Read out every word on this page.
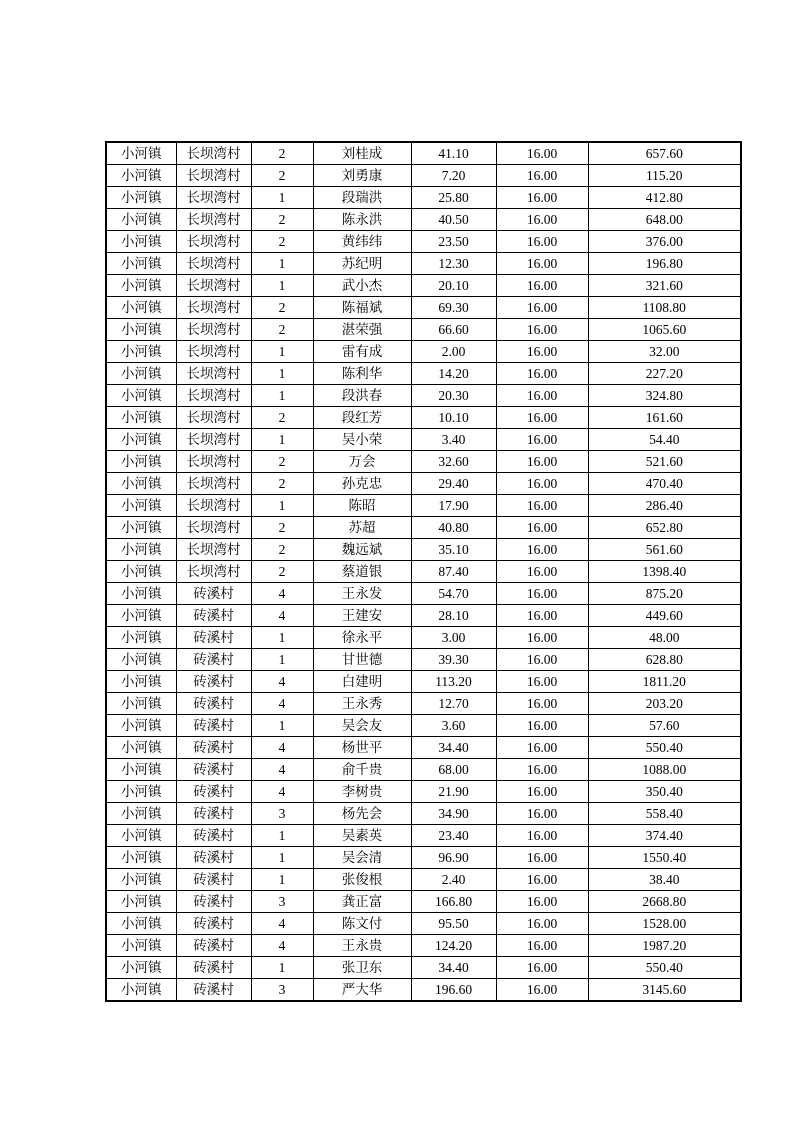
小河镇	长坝湾村	2	刘桂成	41.10	16.00	657.60
小河镇	长坝湾村	2	刘勇康	7.20	16.00	115.20
小河镇	长坝湾村	1	段瑞洪	25.80	16.00	412.80
小河镇	长坝湾村	2	陈永洪	40.50	16.00	648.00
小河镇	长坝湾村	2	黄纬纬	23.50	16.00	376.00
小河镇	长坝湾村	1	苏纪明	12.30	16.00	196.80
小河镇	长坝湾村	1	武小杰	20.10	16.00	321.60
小河镇	长坝湾村	2	陈福斌	69.30	16.00	1108.80
小河镇	长坝湾村	2	湛荣强	66.60	16.00	1065.60
小河镇	长坝湾村	1	雷有成	2.00	16.00	32.00
小河镇	长坝湾村	1	陈利华	14.20	16.00	227.20
小河镇	长坝湾村	1	段洪春	20.30	16.00	324.80
小河镇	长坝湾村	2	段红芳	10.10	16.00	161.60
小河镇	长坝湾村	1	吴小荣	3.40	16.00	54.40
小河镇	长坝湾村	2	万会	32.60	16.00	521.60
小河镇	长坝湾村	2	孙克忠	29.40	16.00	470.40
小河镇	长坝湾村	1	陈昭	17.90	16.00	286.40
小河镇	长坝湾村	2	苏超	40.80	16.00	652.80
小河镇	长坝湾村	2	魏远斌	35.10	16.00	561.60
小河镇	长坝湾村	2	蔡道银	87.40	16.00	1398.40
小河镇	砖溪村	4	王永发	54.70	16.00	875.20
小河镇	砖溪村	4	王建安	28.10	16.00	449.60
小河镇	砖溪村	1	徐永平	3.00	16.00	48.00
小河镇	砖溪村	1	甘世德	39.30	16.00	628.80
小河镇	砖溪村	4	白建明	113.20	16.00	1811.20
小河镇	砖溪村	4	王永秀	12.70	16.00	203.20
小河镇	砖溪村	1	吴会友	3.60	16.00	57.60
小河镇	砖溪村	4	杨世平	34.40	16.00	550.40
小河镇	砖溪村	4	俞千贵	68.00	16.00	1088.00
小河镇	砖溪村	4	李树贵	21.90	16.00	350.40
小河镇	砖溪村	3	杨先会	34.90	16.00	558.40
小河镇	砖溪村	1	吴素英	23.40	16.00	374.40
小河镇	砖溪村	1	吴会清	96.90	16.00	1550.40
小河镇	砖溪村	1	张俊根	2.40	16.00	38.40
小河镇	砖溪村	3	龚正富	166.80	16.00	2668.80
小河镇	砖溪村	4	陈文付	95.50	16.00	1528.00
小河镇	砖溪村	4	王永贵	124.20	16.00	1987.20
小河镇	砖溪村	1	张卫东	34.40	16.00	550.40
小河镇	砖溪村	3	严大华	196.60	16.00	3145.60
